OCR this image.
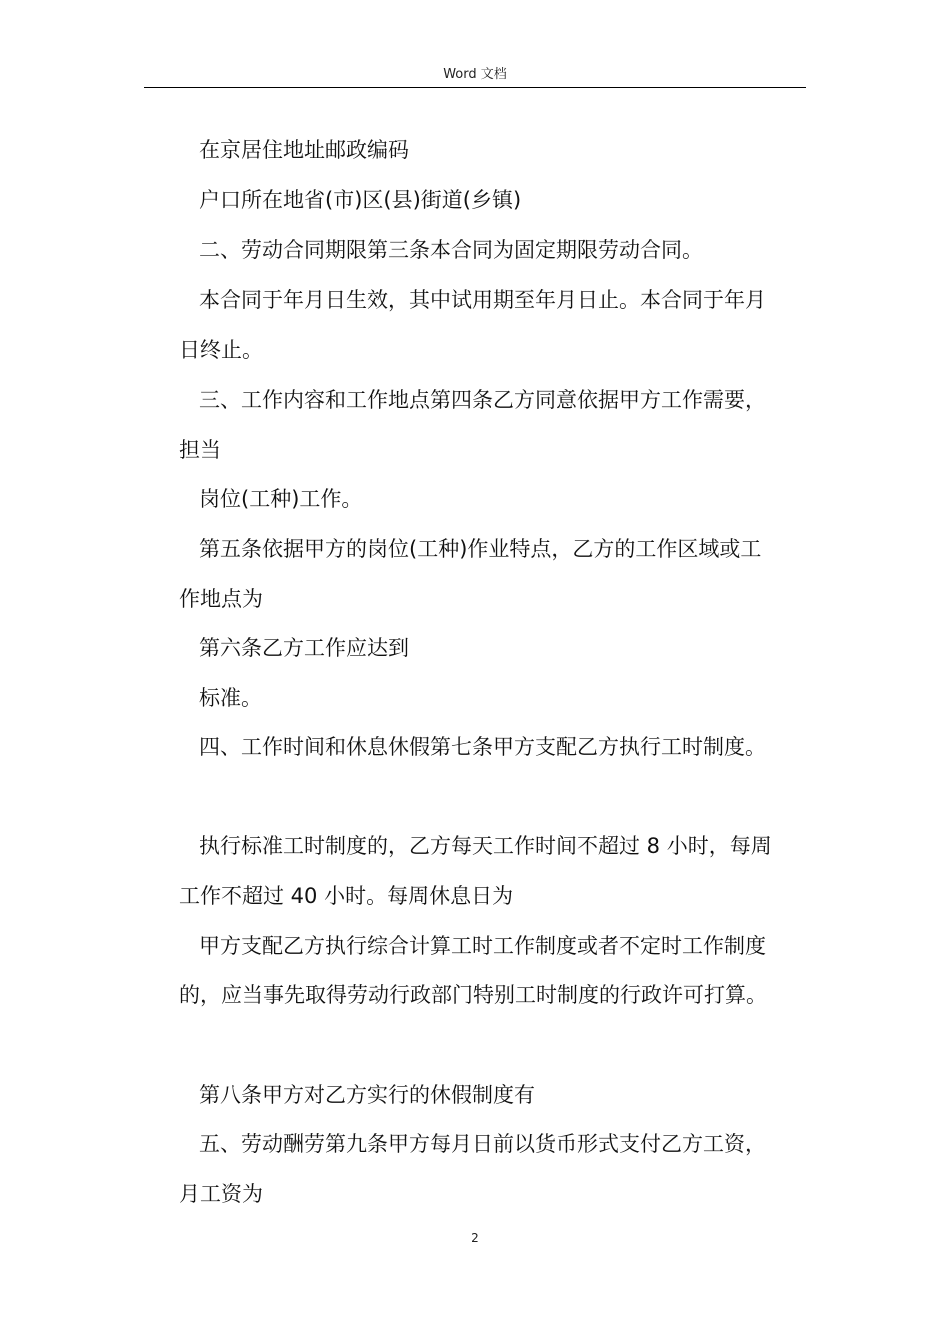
Word 文档
在京居住地址邮政编码
户口所在地省(市)区(县)街道(乡镇)
二、劳动合同期限第三条本合同为固定期限劳动合同。
本合同于年月日生效，其中试用期至年月日止。本合同于年月
日终止。
三、工作内容和工作地点第四条乙方同意依据甲方工作需要，
担当
岗位(工种)工作。
第五条依据甲方的岗位(工种)作业特点，乙方的工作区域或工
作地点为
第六条乙方工作应达到
标准。
四、工作时间和休息休假第七条甲方支配乙方执行工时制度。
执行标准工时制度的，乙方每天工作时间不超过 8 小时，每周
工作不超过 40 小时。每周休息日为
甲方支配乙方执行综合计算工时工作制度或者不定时工作制度
的，应当事先取得劳动行政部门特别工时制度的行政许可打算。
第八条甲方对乙方实行的休假制度有
五、劳动酬劳第九条甲方每月日前以货币形式支付乙方工资，
月工资为
2
